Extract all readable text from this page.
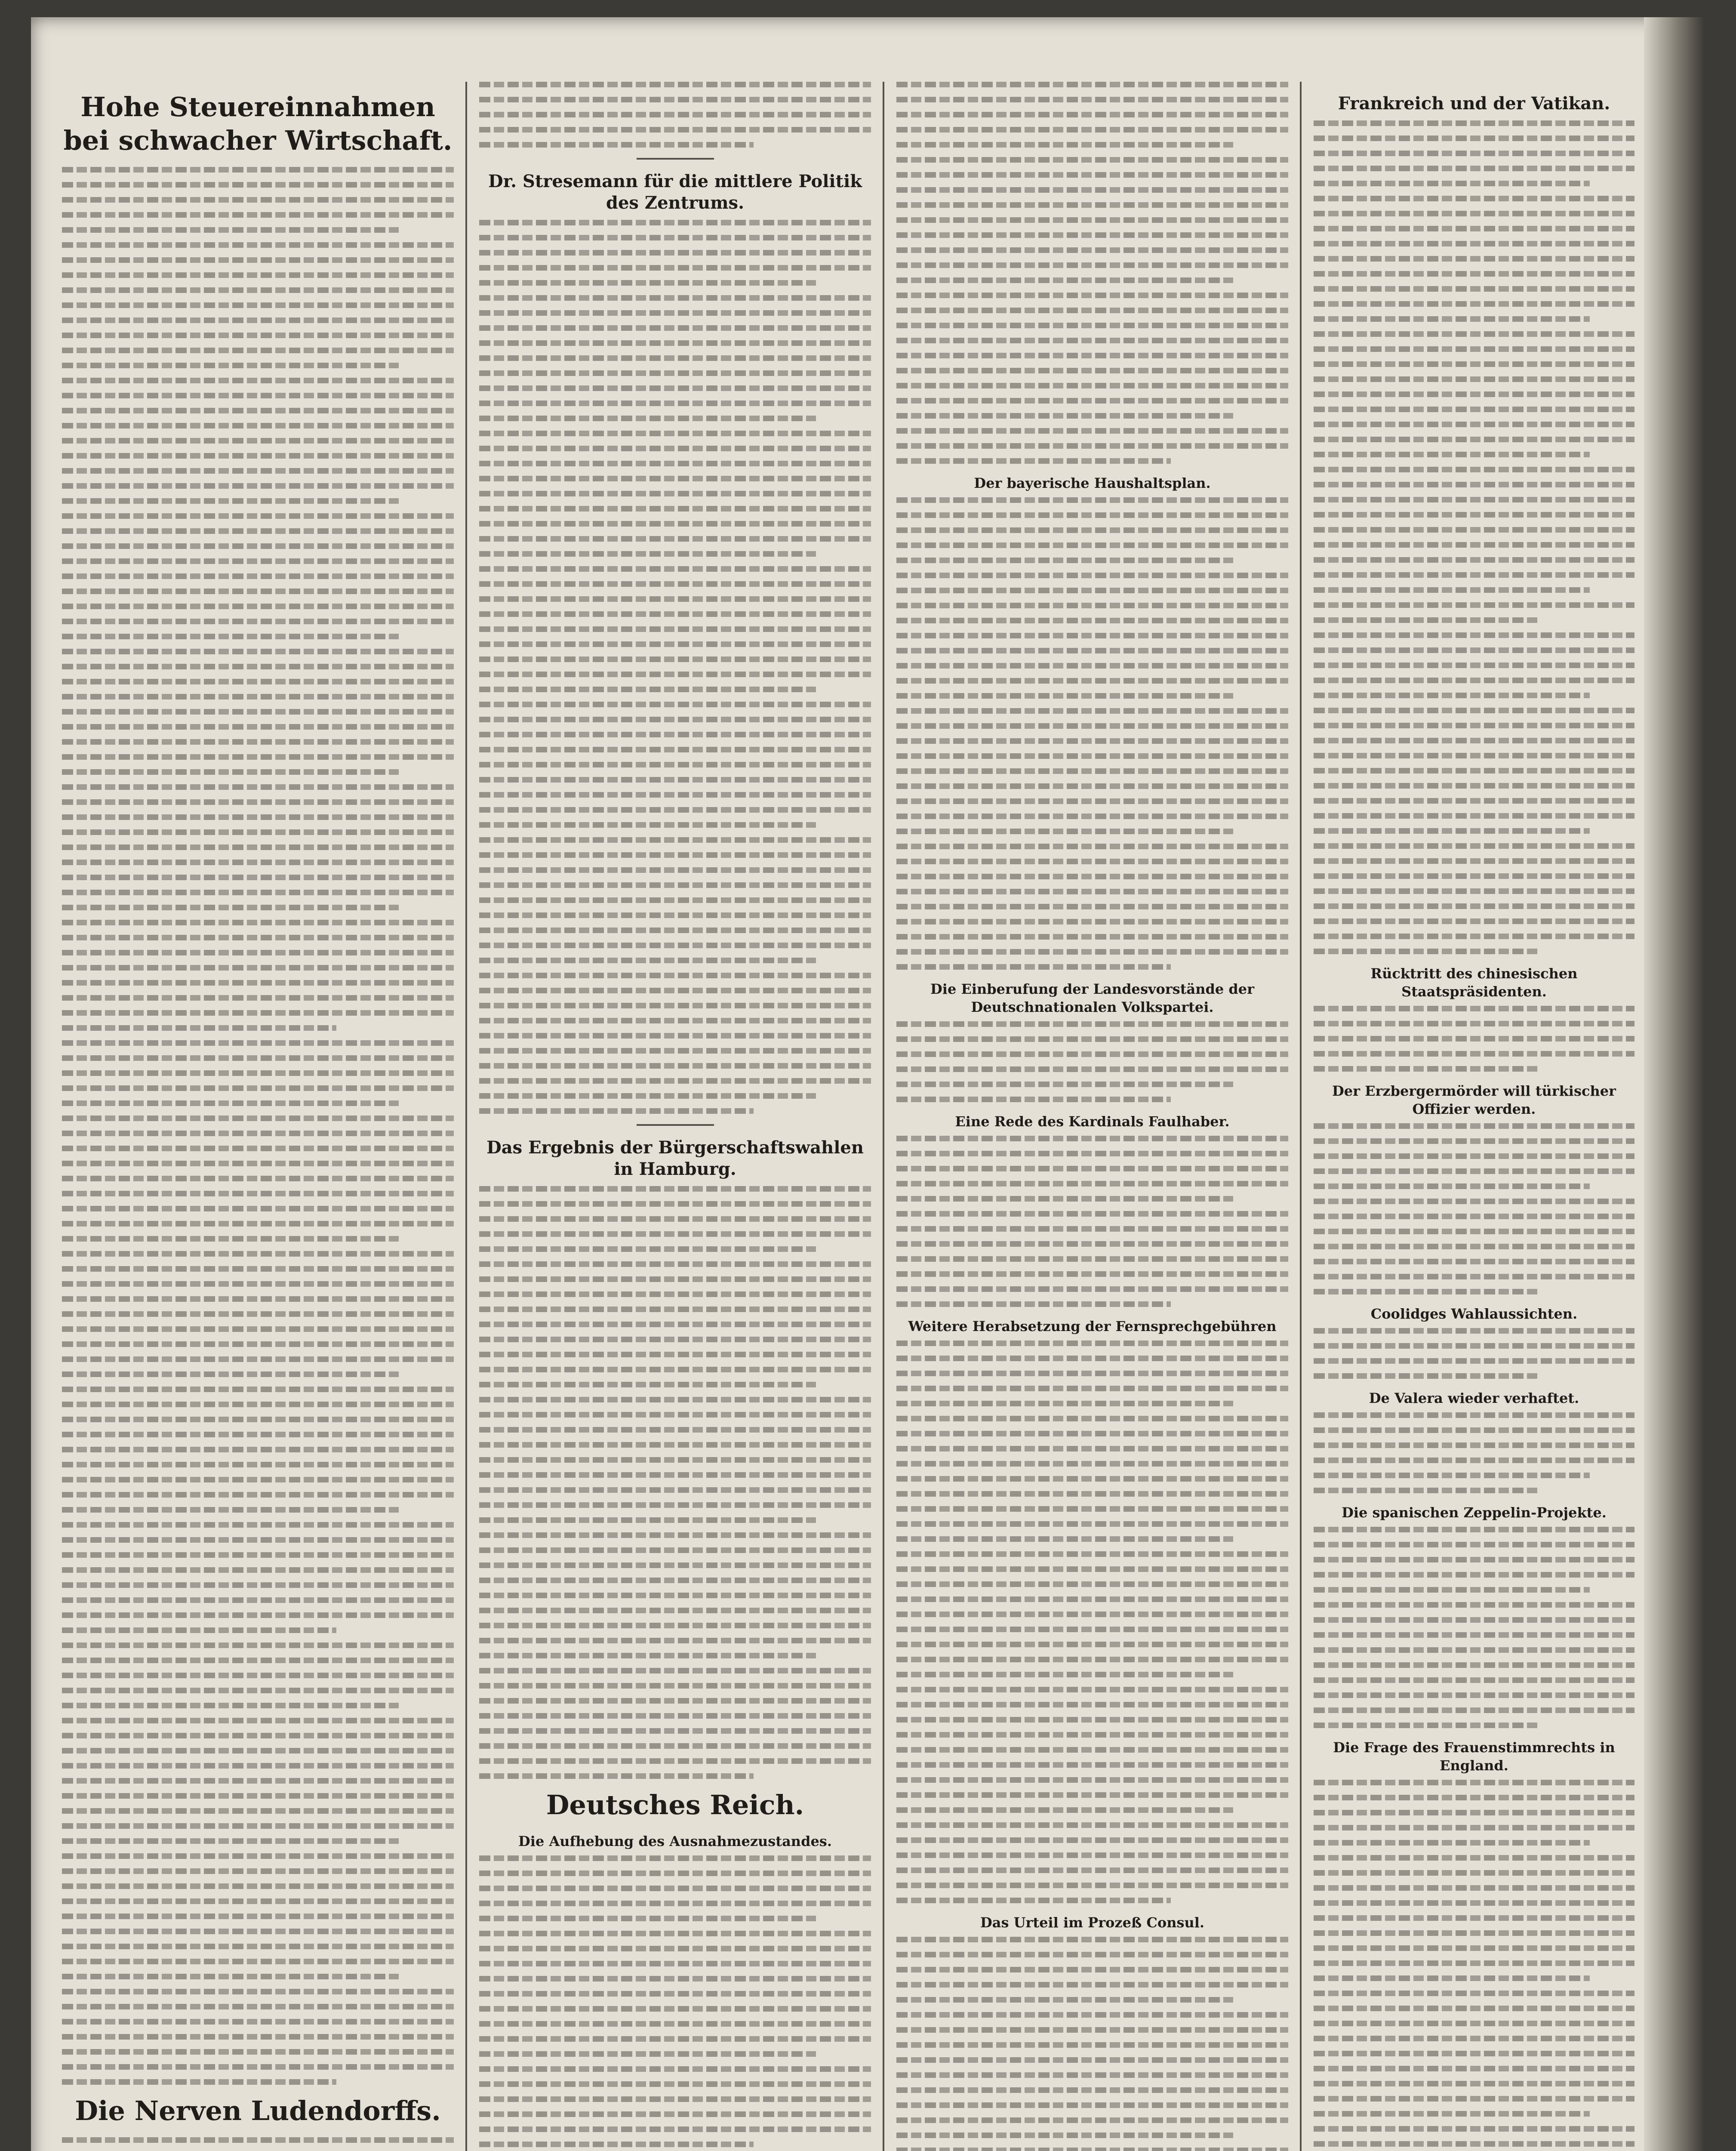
Hohe Steuereinnahmen bei schwacher Wirtschaft.
Die Nerven Ludendorffs.
Dr. Stresemann für die mittlere Politik des Zentrums.
Das Ergebnis der Bürgerschaftswahlen in Hamburg.
Deutsches Reich.
Die Aufhebung des Ausnahmezustandes.
Der bayerische Haushaltsplan.
Die Einberufung der Landesvorstände der Deutschnationalen Volkspartei.
Eine Rede des Kardinals Faulhaber.
Weitere Herabsetzung der Fernsprechgebühren
Das Urteil im Prozeß Consul.
Frankreich und der Vatikan.
Rücktritt des chinesischen Staatspräsidenten.
Der Erzbergermörder will türkischer Offizier werden.
Coolidges Wahlaussichten.
De Valera wieder verhaftet.
Die spanischen Zeppelin-Projekte.
Die Frage des Frauenstimmrechts in England.
